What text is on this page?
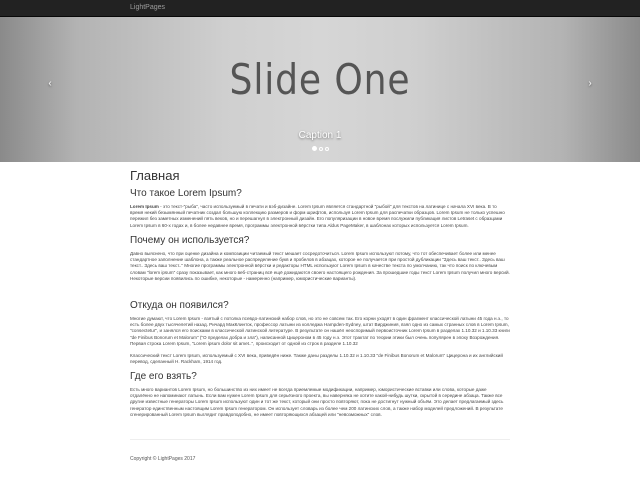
LightPages
Slide One
Caption 1

‹	›
Главная
Что такое Lorem Ipsum?

Lorem Ipsum - это текст-"рыба", часто используемый в печати и вэб-дизайне. Lorem Ipsum является стандартной "рыбой" для текстов на латинице с начала XVI века. В то время некий безымянный печатник создал большую коллекцию размеров и форм шрифтов, используя Lorem Ipsum для распечатки образцов. Lorem Ipsum не только успешно пережил без заметных изменений пять веков, но и перешагнул в электронный дизайн. Его популяризации в новое время послужили публикация листов Letraset с образцами Lorem Ipsum в 60-х годах и, в более недавнее время, программы электронной вёрстки типа Aldus PageMaker, в шаблонах которых используется Lorem Ipsum.

Почему он используется?

Давно выяснено, что при оценке дизайна и композиции читаемый текст мешает сосредоточиться. Lorem Ipsum используют потому, что тот обеспечивает более или менее стандартное заполнение шаблона, а также реальное распределение букв и пробелов в абзацах, которое не получается при простой дубликации "Здесь ваш текст.. Здесь ваш текст.. Здесь ваш текст.." Многие программы электронной вёрстки и редакторы HTML используют Lorem Ipsum в качестве текста по умолчанию, так что поиск по ключевым словам "lorem ipsum" сразу показывает, как много веб-страниц всё ещё дожидаются своего настоящего рождения. За прошедшие годы текст Lorem Ipsum получил много версий. Некоторые версии появились по ошибке, некоторые - намеренно (например, юмористические варианты).

Откуда он появился?

Многие думают, что Lorem Ipsum - взятый с потолка псевдо-латинский набор слов, но это не совсем так. Его корни уходят в один фрагмент классической латыни 45 года н.э., то есть более двух тысячелетий назад. Ричард МакКлинток, профессор латыни из колледжа Hampden-Sydney, штат Вирджиния, взял одно из самых странных слов в Lorem Ipsum, "consectetur", и занялся его поисками в классической латинской литературе. В результате он нашёл неоспоримый первоисточник Lorem Ipsum в разделах 1.10.32 и 1.10.33 книги "de Finibus Bonorum et Malorum" ("О пределах добра и зла"), написанной Цицероном в 45 году н.э. Этот трактат по теории этики был очень популярен в эпоху Возрождения. Первая строка Lorem Ipsum, "Lorem ipsum dolor sit amet..", происходит от одной из строк в разделе 1.10.32

Классический текст Lorem Ipsum, используемый с XVI века, приведён ниже. Также даны разделы 1.10.32 и 1.10.33 "de Finibus Bonorum et Malorum" Цицерона и их английский перевод, сделанный H. Rackham, 1914 год.

Где его взять?

Есть много вариантов Lorem Ipsum, но большинство из них имеет не всегда приемлемые модификации, например, юмористические вставки или слова, которые даже отдалённо не напоминают латынь. Если вам нужен Lorem Ipsum для серьёзного проекта, вы наверняка не хотите какой-нибудь шутки, скрытой в середине абзаца. Также все другие известные генераторы Lorem Ipsum используют один и тот же текст, который они просто повторяют, пока не достигнут нужный объём. Это делает предлагаемый здесь генератор единственным настоящим Lorem Ipsum генератором. Он использует словарь из более чем 200 латинских слов, а также набор моделей предложений. В результате сгенерированный Lorem Ipsum выглядит правдоподобно, не имеет повторяющихся абзацей или "невозможных" слов.

Copyright © LightPages 2017
